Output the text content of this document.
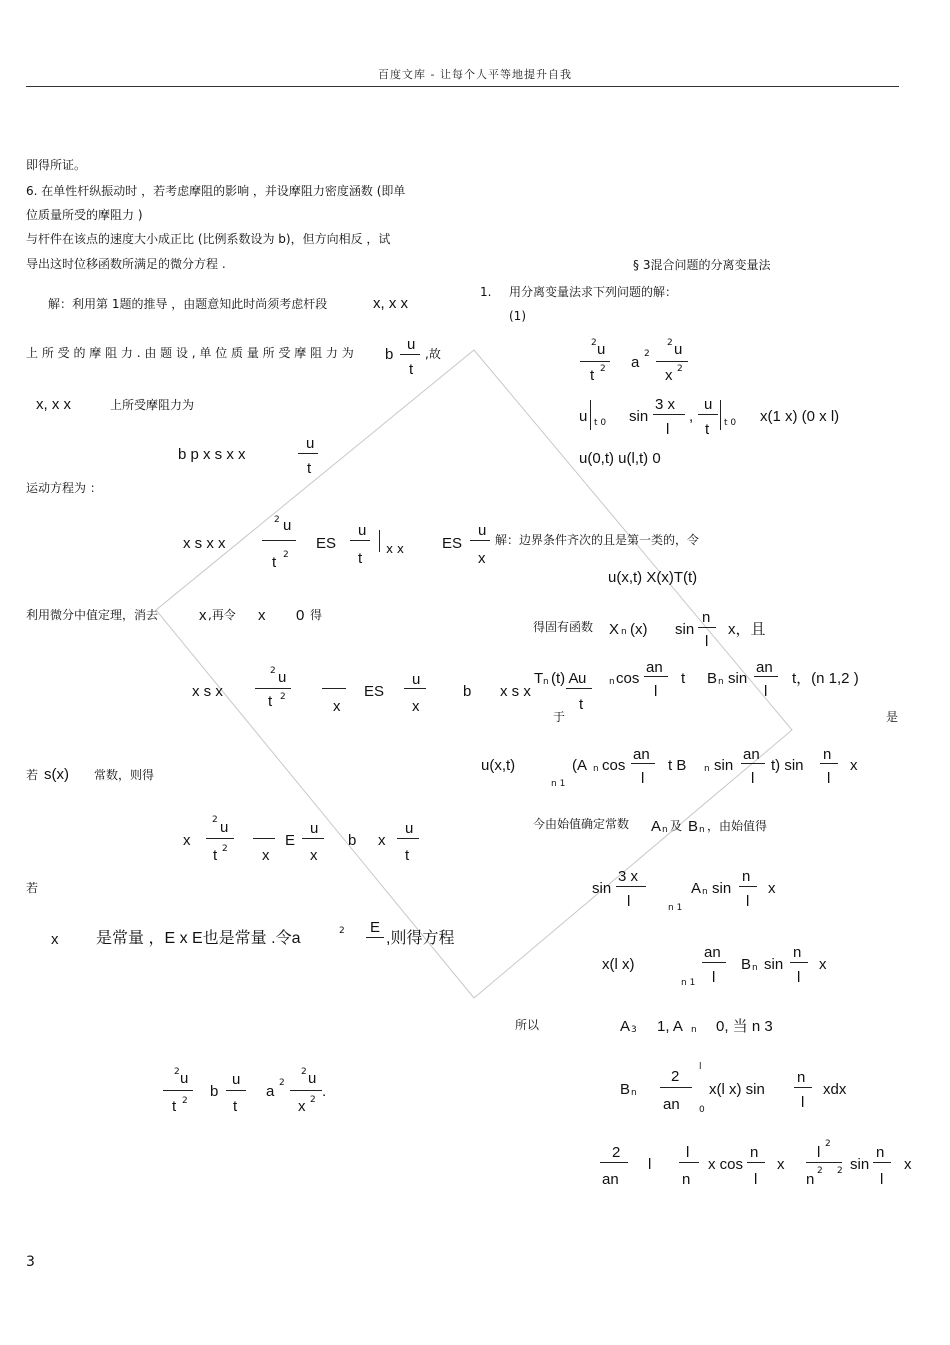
百度文库 - 让每个人平等地提升自我
即得所证。
6. 在单性杆纵振动时 ，若考虑摩阻的影响 ，并设摩阻力密度涵数 (即单
位质量所受的摩阻力 )
与杆件在该点的速度大小成正比 (比例系数设为 b)，但方向相反 ，试
导出这时位移函数所满足的微分方程 .
解：利用第 1题的推导 ，由题意知此时尚须考虑杆段	x, x x
上 所 受 的 摩 阻 力 . 由 题 设 , 单 位 质 量 所 受 摩 阻 力 为 b
u
t
,故
x, x x	上所受摩阻力为
b p x s x x
u
t
运动方程为 ：
x s x x
2 u
t 2
ES
u
t
x x	ES
u
x
利用微分中值定理，消去	x ,再令 x 0 得
x s x
2 u
t 2
x
ES
u
x
b x s x
u
t
若 s(x) 常数，则得
x
2 u
t 2 x
E
u
x
b x
u
t
若
x 是常量 ，E x E也是常量 .令a	2 E
,则得方程
2 u
t 2
b
u
t
a 2
2 u
x 2 .
§ 3混合问题的分离变量法
1. 用分离变量法求下列问题的解：
(1)
2 u
t 2 a 2
2 u
x 2
u t 0 sin
3 x
l
,
u
t t 0 x(1 x) (0 x l)
u(0,t) u(l,t) 0
解：边界条件齐次的且是第一类的，令
u(x,t) X(x)T(t)
得固有函数 X n (x) sin
n
l
x，且
T n (t) A	n cos
an
l
t B n sin
an
l
t，(n 1,2 )
于	是
u(x,t)
n 1
(A n cos
an
l
t B n sin
an
l
t) sin
n
l
x
今由始值确定常数 A n 及 B n ，由始值得
sin
3 x
l	n 1
A n sin
n
l
x
x(l x)
n 1
an
l
B n sin
n
l
x
所以	A 3 1, A n 0, 当 n 3
B n
2
an
l
0
x(l x) sin
n
l
xdx
2
an
l
l
n
x cos
n
l
x
l 2
n 2 2 sin
n
l
x
3
